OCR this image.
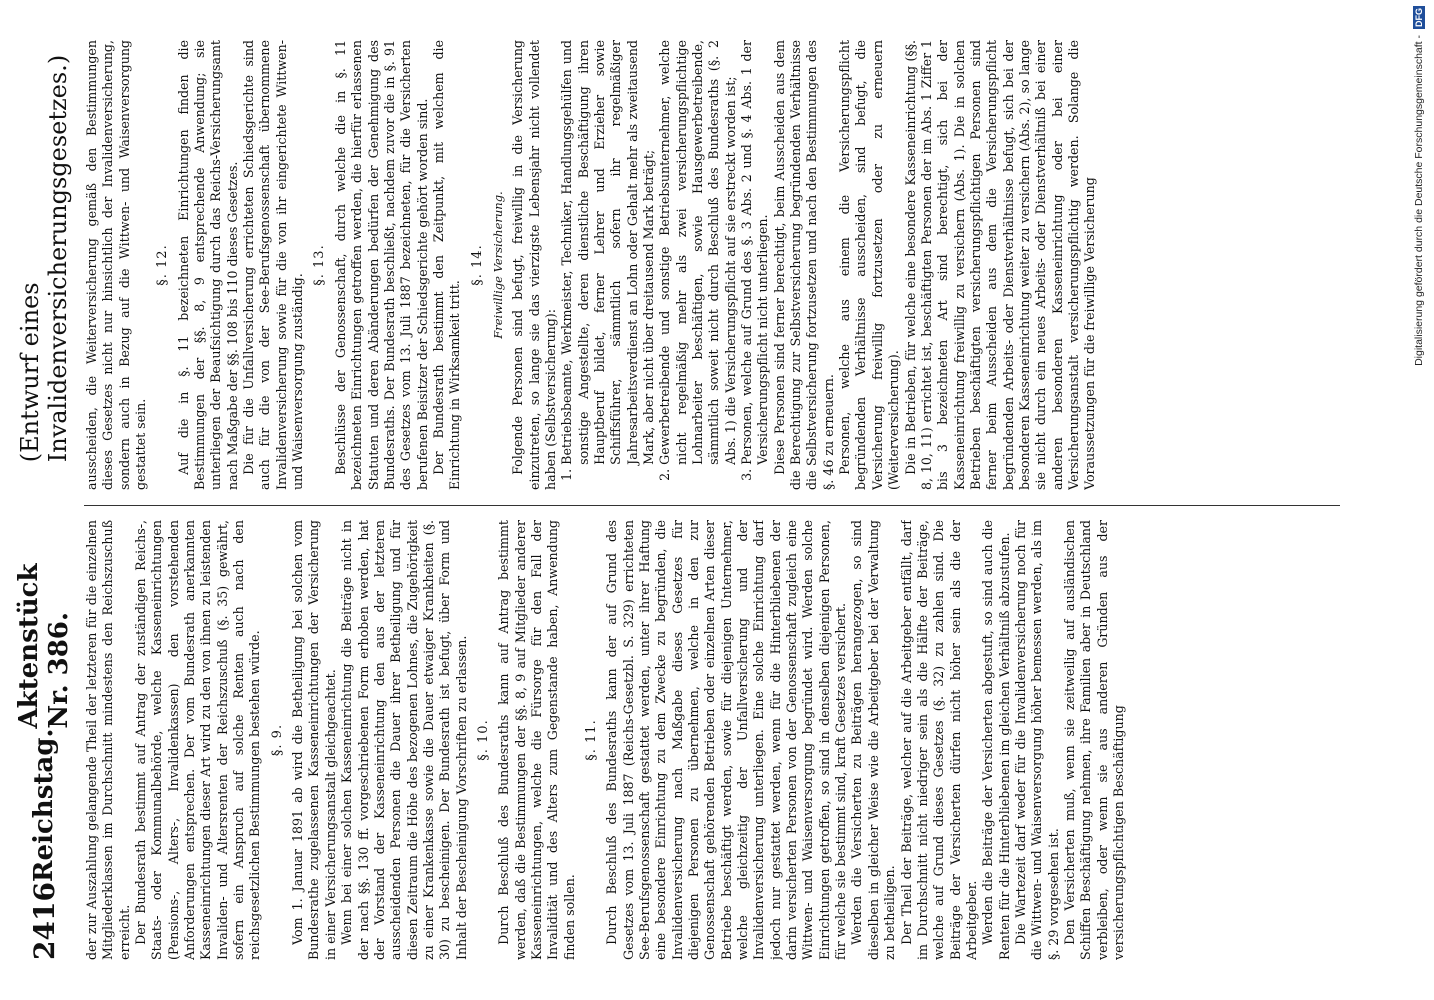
2416
Reichstag.
Aktenstück Nr. 386.
(Entwurf eines Invalidenversicherungsgesetzes.)

der zur Auszahlung gelangende Theil der letzteren für die einzelnen Mitgliederklassen im Durchschnitt mindestens den Reichszuschuß erreicht. Der Bundesrath bestimmt auf Antrag der zuständigen Reichs-, Staats- oder Kommunalbehörde, welche Kasseneinrichtungen (Pensions-, Alters-, Invalidenkassen) den vorstehenden Anforderungen entsprechen. Der vom Bundesrath anerkannten Kasseneinrichtungen dieser Art wird zu den von ihnen zu leistenden Invaliden- und Altersrenten der Reichszuschuß (§. 35) gewährt, sofern ein Anspruch auf solche Renten auch nach den reichsgesetzlichen Bestimmungen bestehen würde. §. 9. Vom 1. Januar 1891 ab wird die Betheiligung bei solchen vom Bundesrathe zugelassenen Kasseneinrichtungen der Versicherung in einer Versicherungsanstalt gleichgeachtet. Wenn bei einer solchen Kasseneinrichtung die Beiträge nicht in der nach §§. 130 ff. vorgeschriebenen Form erhoben werden, hat der Vorstand der Kasseneinrichtung den aus der letzteren ausscheidenden Personen die Dauer ihrer Betheiligung und für diesen Zeitraum die Höhe des bezogenen Lohnes, die Zugehörigkeit zu einer Krankenkasse sowie die Dauer etwaiger Krankheiten (§. 30) zu bescheinigen. Der Bundesrath ist befugt, über Form und Inhalt der Bescheinigung Vorschriften zu erlassen. §. 10. Durch Beschluß des Bundesraths kann auf Antrag bestimmt werden, daß die Bestimmungen der §§. 8, 9 auf Mitglieder anderer Kasseneinrichtungen, welche die Fürsorge für den Fall der Invalidität und des Alters zum Gegenstande haben, Anwendung finden sollen.

§. 11. Durch Beschluß des Bundesraths kann der auf Grund des Gesetzes vom 13. Juli 1887 (Reichs-Gesetzbl. S. 329) errichteten See-Berufsgenossenschaft gestattet werden, unter ihrer Haftung eine besondere Einrichtung zu dem Zwecke zu begründen, die Invalidenversicherung nach Maßgabe dieses Gesetzes für diejenigen Personen zu übernehmen, welche in den zur Genossenschaft gehörenden Betrieben oder einzelnen Arten dieser Betriebe beschäftigt werden, sowie für diejenigen Unternehmer, welche gleichzeitig der Unfallversicherung und der Invalidenversicherung unterliegen. Eine solche Einrichtung darf jedoch nur gestattet werden, wenn für die Hinterbliebenen der darin versicherten Personen von der Genossenschaft zugleich eine Wittwen- und Waisenversorgung begründet wird. Werden solche Einrichtungen getroffen, so sind in denselben diejenigen Personen, für welche sie bestimmt sind, kraft Gesetzes versichert. Werden die Versicherten zu Beiträgen herangezogen, so sind dieselben in gleicher Weise wie die Arbeitgeber bei der Verwaltung zu betheiligen. Der Theil der Beiträge, welcher auf die Arbeitgeber entfällt, darf im Durchschnitt nicht niedriger sein als die Hälfte der Beiträge, welche auf Grund dieses Gesetzes (§. 32) zu zahlen sind. Die Beiträge der Versicherten dürfen nicht höher sein als die der Arbeitgeber. Werden die Beiträge der Versicherten abgestuft, so sind auch die Renten für die Hinterbliebenen im gleichen Verhältniß abzustufen. Die Wartezeit darf weder für die Invalidenversicherung noch für die Wittwen- und Waisenversorgung höher bemessen werden, als im §. 29 vorgesehen ist. Den Versicherten muß, wenn sie zeitweilig auf ausländischen Schiffen Beschäftigung nehmen, ihre Familien aber in Deutschland verbleiben, oder wenn sie aus anderen Gründen aus der versicherungspflichtigen Beschäftigung

ausscheiden, die Weiterversicherung gemäß den Bestimmungen dieses Gesetzes nicht nur hinsichtlich der Invalidenversicherung, sondern auch in Bezug auf die Wittwen- und Waisenversorgung gestattet sein.

§. 12. Auf die in §. 11 bezeichneten Einrichtungen finden die Bestimmungen der §§. 8, 9 entsprechende Anwendung; sie unterliegen der Beaufsichtigung durch das Reichs-Versicherungsamt nach Maßgabe der §§. 108 bis 110 dieses Gesetzes. Die für die Unfallversicherung errichteten Schiedsgerichte sind auch für die von der See-Berufsgenossenschaft übernommene Invalidenversicherung sowie für die von ihr eingerichtete Wittwen- und Waisenversorgung zuständig.

§. 13. Beschlüsse der Genossenschaft, durch welche die in §. 11 bezeichneten Einrichtungen getroffen werden, die hierfür erlassenen Statuten und deren Abänderungen bedürfen der Genehmigung des Bundesraths. Der Bundesrath beschließt, nachdem zuvor die in §. 91 des Gesetzes vom 13. Juli 1887 bezeichneten, für die Versicherten berufenen Beisitzer der Schiedsgerichte gehört worden sind. Der Bundesrath bestimmt den Zeitpunkt, mit welchem die Einrichtung in Wirksamkeit tritt.

§. 14. Freiwillige Versicherung. Folgende Personen sind befugt, freiwillig in die Versicherung einzutreten, so lange sie das vierzigste Lebensjahr nicht vollendet haben (Selbstversicherung): 1. Betriebsbeamte, Werkmeister, Techniker, Handlungsgehülfen und sonstige Angestellte, deren dienstliche Beschäftigung ihren Hauptberuf bildet, ferner Lehrer und Erzieher sowie Schiffsführer, sämmtlich sofern ihr regelmäßiger Jahresarbeitsverdienst an Lohn oder Gehalt mehr als zweitausend Mark, aber nicht über dreitausend Mark beträgt; 2. Gewerbetreibende und sonstige Betriebsunternehmer, welche nicht regelmäßig mehr als zwei versicherungspflichtige Lohnarbeiter beschäftigen, sowie Hausgewerbetreibende, sämmtlich soweit nicht durch Beschluß des Bundesraths (§. 2 Abs. 1) die Versicherungspflicht auf sie erstreckt worden ist; 3. Personen, welche auf Grund des §. 3 Abs. 2 und §. 4 Abs. 1 der Versicherungspflicht nicht unterliegen. Diese Personen sind ferner berechtigt, beim Ausscheiden aus dem die Berechtigung zur Selbstversicherung begründenden Verhältnisse die Selbstversicherung fortzusetzen und nach den Bestimmungen des §. 46 zu erneuern. Personen, welche aus einem die Versicherungspflicht begründenden Verhältnisse ausscheiden, sind befugt, die Versicherung freiwillig fortzusetzen oder zu erneuern (Weiterversicherung). Die in Betrieben, für welche eine besondere Kasseneinrichtung (§§. 8, 10, 11) errichtet ist, beschäftigten Personen der im Abs. 1 Ziffer 1 bis 3 bezeichneten Art sind berechtigt, sich bei der Kasseneinrichtung freiwillig zu versichern (Abs. 1). Die in solchen Betrieben beschäftigten versicherungspflichtigen Personen sind ferner beim Ausscheiden aus dem die Versicherungspflicht begründenden Arbeits- oder Dienstverhältnisse befugt, sich bei der besonderen Kasseneinrichtung weiter zu versichern (Abs. 2), so lange sie nicht durch ein neues Arbeits- oder Dienstverhältniß bei einer anderen besonderen Kasseneinrichtung oder bei einer Versicherungsanstalt versicherungspflichtig werden. Solange die Voraussetzungen für die freiwillige Versicherung

DFG
Digitalisierung gefördert durch die Deutsche Forschungsgemeinschaft -
